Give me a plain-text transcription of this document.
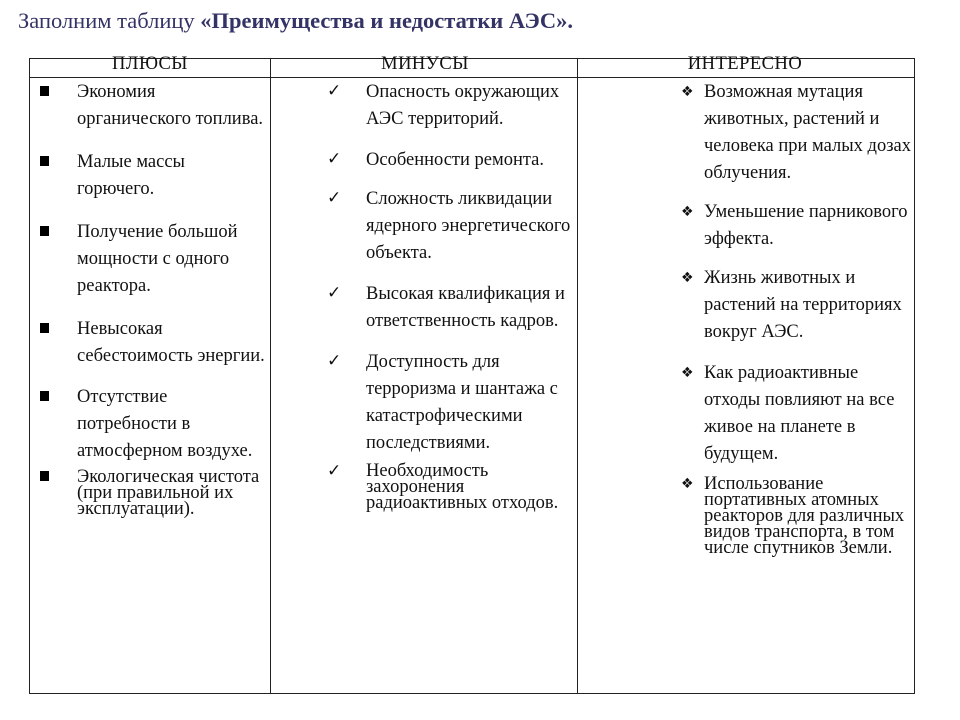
Заполним таблицу «Преимущества и недостатки АЭС».
ПЛЮСЫ	МИНУСЫ	ИНТЕРЕСНО
Экономия органического топлива.
Малые массы горючего.
Получение большой мощности с одного реактора.
Невысокая себестоимость энергии.
Отсутствие потребности в атмосферном воздухе.
Экологическая чистота (при правильной их эксплуатации).
✓ Опасность окружающих АЭС территорий.
✓ Особенности ремонта.
✓ Сложность ликвидации ядерного энергетического объекта.
✓ Высокая квалификация и ответственность кадров.
✓ Доступность для терроризма и шантажа с катастрофическими последствиями.
✓ Необходимость захоронения радиоактивных отходов.
❖ Возможная мутация животных, растений и человека при малых дозах облучения.
❖ Уменьшение парникового эффекта.
❖ Жизнь животных и растений на территориях вокруг АЭС.
❖ Как радиоактивные отходы повлияют на все живое на планете в будущем.
❖ Использование портативных атомных реакторов для различных видов транспорта, в том числе спутников Земли.
